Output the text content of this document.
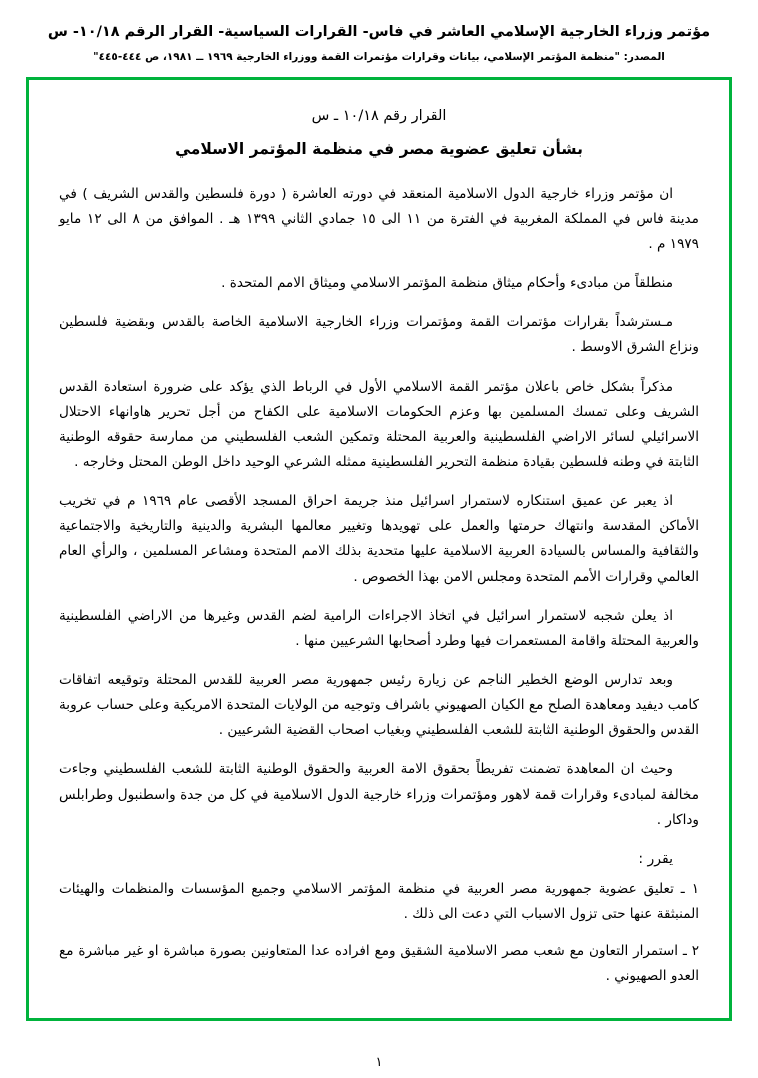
مؤتمر وزراء الخارجية الإسلامي العاشر في فاس- القرارات السياسية- القرار الرقم ١٠/١٨- س
المصدر: "منظمة المؤتمر الإسلامي، بيانات وقرارات مؤتمرات القمة ووزراء الخارجية ١٩٦٩ ــ ١٩٨١، ص ٤٤٤-٤٤٥"
القرار رقم ١٠/١٨ ـ س
بشأن تعليق عضوية مصر في منظمة المؤتمر الاسلامي

ان مؤتمر وزراء خارجية الدول الاسلامية المنعقد في دورته العاشرة ( دورة فلسطين والقدس الشريف ) في مدينة فاس في المملكة المغربية في الفترة من ١١ الى ١٥ جمادي الثاني ١٣٩٩ هـ . الموافق من ٨ الى ١٢ مايو ١٩٧٩ م .

منطلقاً من مبادىء وأحكام ميثاق منظمة المؤتمر الاسلامي وميثاق الامم المتحدة .

مـسترشداً بقرارات مؤتمرات القمة ومؤتمرات وزراء الخارجية الاسلامية الخاصة بالقدس وبقضية فلسطين ونزاع الشرق الاوسط .

مذكراً بشكل خاص باعلان مؤتمر القمة الاسلامي الأول في الرباط الذي يؤكد على ضرورة استعادة القدس الشريف وعلى تمسك المسلمين بها وعزم الحكومات الاسلامية على الكفاح من أجل تحرير هاوانهاء الاحتلال الاسرائيلي لسائر الاراضي الفلسطينية والعربية المحتلة وتمكين الشعب الفلسطيني من ممارسة حقوقه الوطنية الثابتة في وطنه فلسطين بقيادة منظمة التحرير الفلسطينية ممثله الشرعي الوحيد داخل الوطن المحتل وخارجه .

اذ يعبر عن عميق استنكاره لاستمرار اسرائيل منذ جريمة احراق المسجد الأقصى عام ١٩٦٩ م في تخريب الأماكن المقدسة وانتهاك حرمتها والعمل على تهويدها وتغيير معالمها البشرية والدينية والتاريخية والاجتماعية والثقافية والمساس بالسيادة العربية الاسلامية عليها متحدية بذلك الامم المتحدة ومشاعر المسلمين ، والرأي العام العالمي وقرارات الأمم المتحدة ومجلس الامن بهذا الخصوص .

اذ يعلن شجبه لاستمرار اسرائيل في اتخاذ الاجراءات الرامية لضم القدس وغيرها من الاراضي الفلسطينية والعربية المحتلة واقامة المستعمرات فيها وطرد أصحابها الشرعيين منها .

وبعد تدارس الوضع الخطير الناجم عن زيارة رئيس جمهورية مصر العربية للقدس المحتلة وتوقيعه اتفاقات كامب ديفيد ومعاهدة الصلح مع الكيان الصهيوني باشراف وتوجيه من الولايات المتحدة الامريكية وعلى حساب عروبة القدس والحقوق الوطنية الثابتة للشعب الفلسطيني وبغياب اصحاب القضية الشرعيين .

وحيث ان المعاهدة تضمنت تفريطاً بحقوق الامة العربية والحقوق الوطنية الثابتة للشعب الفلسطيني وجاءت مخالفة لمبادىء وقرارات قمة لاهور ومؤتمرات وزراء خارجية الدول الاسلامية في كل من جدة واسطنبول وطرابلس وداكار .

يقرر :

١ ـ تعليق عضوية جمهورية مصر العربية في منظمة المؤتمر الاسلامي وجميع المؤسسات والمنظمات والهيئات المنبثقة عنها حتى تزول الاسباب التي دعت الى ذلك .

٢ ـ استمرار التعاون مع شعب مصر الاسلامية الشقيق ومع افراده عدا المتعاونين بصورة مباشرة او غير مباشرة مع العدو الصهيوني .

١
